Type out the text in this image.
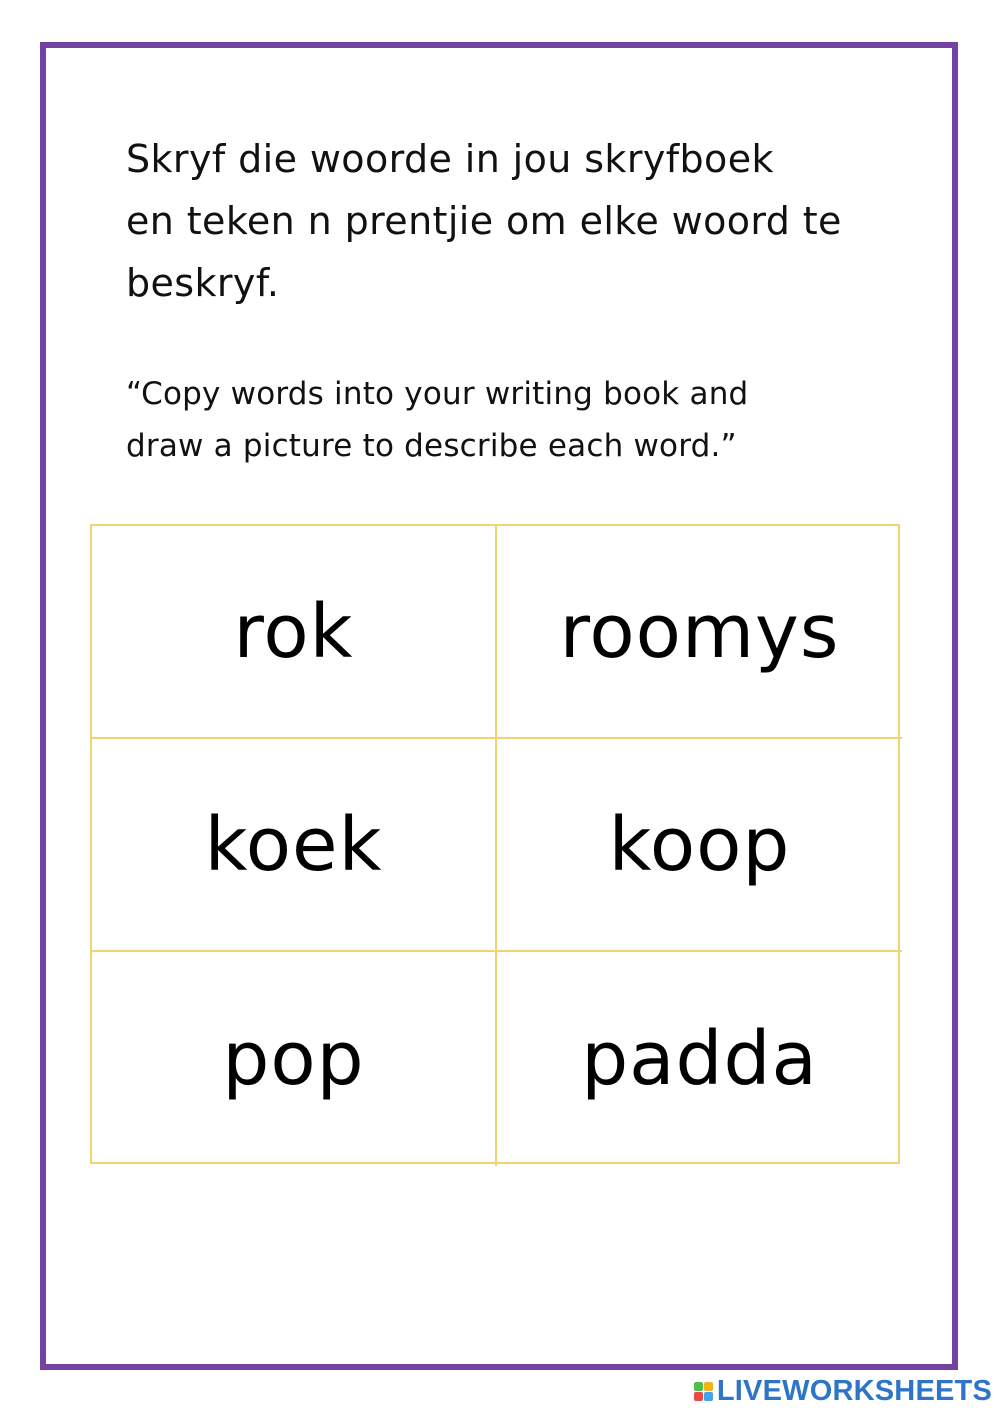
Skryf die woorde in jou skryfboek
en teken n prentjie om elke woord te
beskryf.

“Copy words into your writing book and
draw a picture to describe each word.”

rok	roomys
koek	koop
pop	padda
LIVEWORKSHEETS
